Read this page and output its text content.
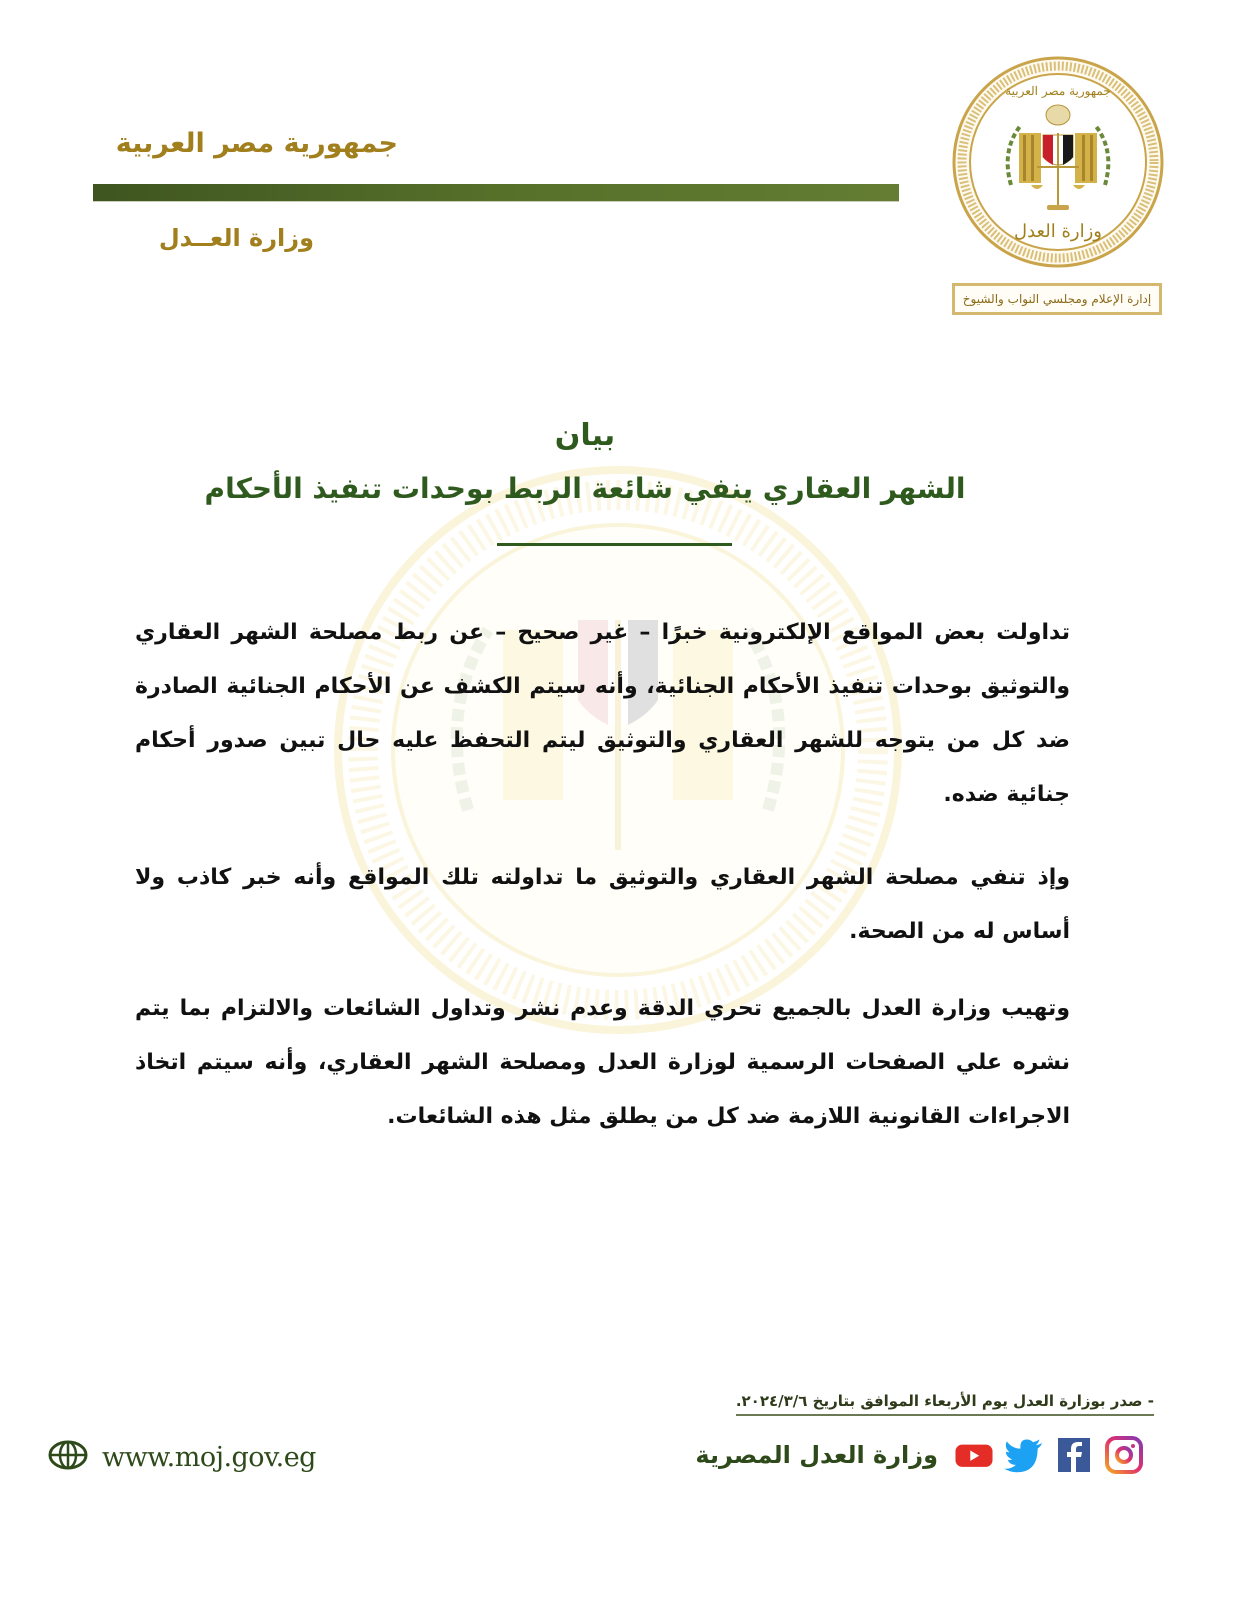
جمهورية مصر العربية
وزارة العــدل	وزارة العدل
جمهورية مصر العربية
إدارة الإعلام ومجلسي النواب والشيوخ
بيان
الشهر العقاري ينفي شائعة الربط بوحدات تنفيذ الأحكام

تداولت بعض المواقع الإلكترونية خبرًا – غير صحيح – عن ربط مصلحة الشهر العقاري والتوثيق بوحدات تنفيذ الأحكام الجنائية، وأنه سيتم الكشف عن الأحكام الجنائية الصادرة ضد كل من يتوجه للشهر العقاري والتوثيق ليتم التحفظ عليه حال تبين صدور أحكام جنائية ضده.

وإذ تنفي مصلحة الشهر العقاري والتوثيق ما تداولته تلك المواقع وأنه خبر كاذب ولا أساس له من الصحة.

وتهيب وزارة العدل بالجميع تحري الدقة وعدم نشر وتداول الشائعات والالتزام بما يتم نشره علي الصفحات الرسمية لوزارة العدل ومصلحة الشهر العقاري، وأنه سيتم اتخاذ الاجراءات القانونية اللازمة ضد كل من يطلق مثل هذه الشائعات.

- صدر بوزارة العدل يوم الأربعاء الموافق بتاريخ ٢٠٢٤/٣/٦.
وزارة العدل المصرية
www.moj.gov.eg
